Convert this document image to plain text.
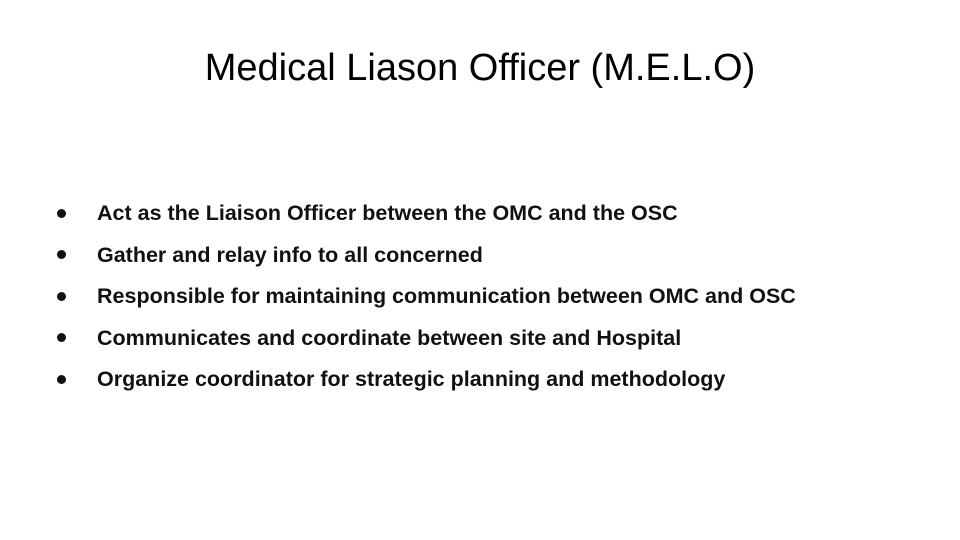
Medical Liason Officer (M.E.L.O)
Act as the Liaison Officer between the OMC and the OSC
Gather and relay info to all concerned
Responsible for maintaining communication between OMC and OSC
Communicates and coordinate between site and Hospital
Organize coordinator for strategic planning and methodology
